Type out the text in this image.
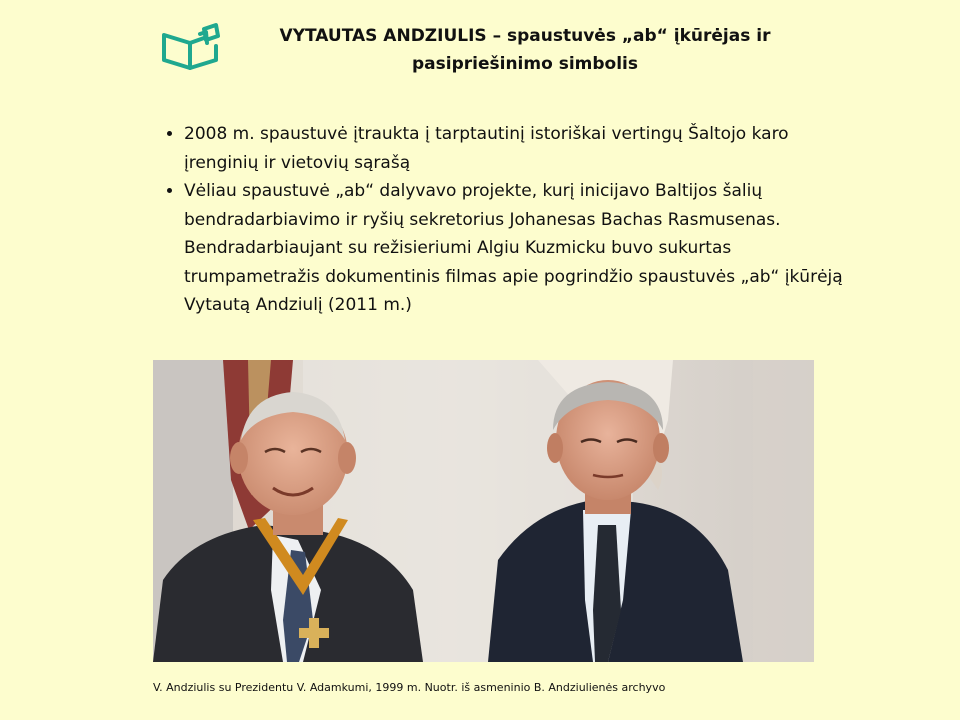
VYTAUTAS ANDZIULIS – spaustuvės „ab“ įkūrėjas ir pasipriešinimo simbolis
• 2008 m. spaustuvė įtraukta į tarptautinį istoriškai vertingų Šaltojo karo įrenginių ir vietovių sąrašą
• Vėliau spaustuvė „ab“ dalyvavo projekte, kurį inicijavo Baltijos šalių bendradarbiavimo ir ryšių sekretorius Johanesas Bachas Rasmusenas. Bendradarbiaujant su režisieriumi Algiu Kuzmicku buvo sukurtas trumpametražis dokumentinis filmas apie pogrindžio spaustuvės „ab“ įkūrėją Vytautą Andziulį (2011 m.)

V. Andziulis su Prezidentu V. Adamkumi, 1999 m. Nuotr. iš asmeninio B. Andziulienės archyvo
